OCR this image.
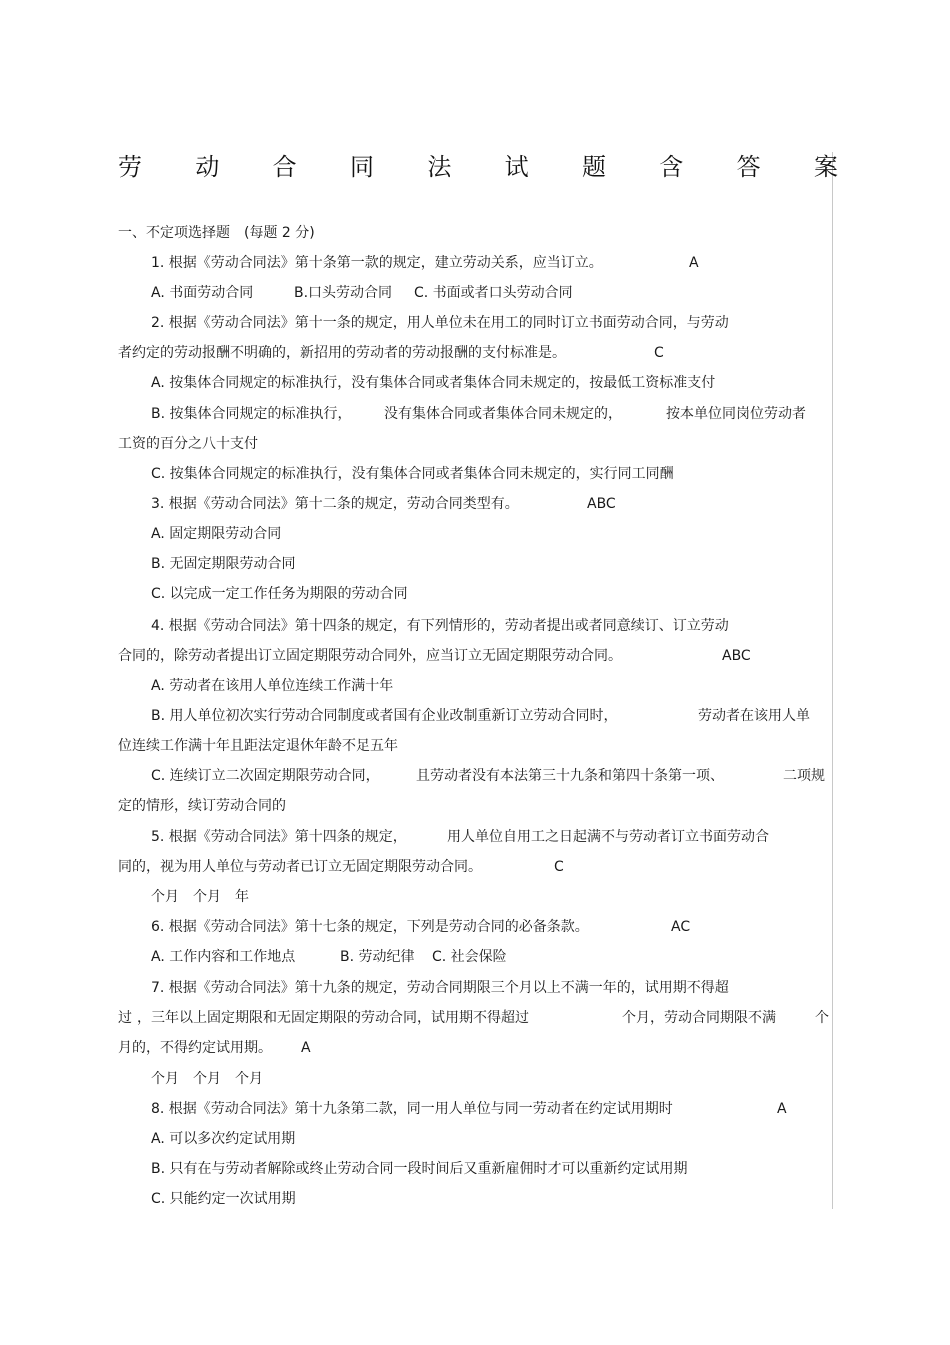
劳 动 合 同 法 试 题 含 答 案
一、不定项选择题　(每题 2 分)
1. 根据《劳动合同法》第十条第一款的规定，建立劳动关系，应当订立。	A
A. 书面劳动合同	B.口头劳动合同 C. 书面或者口头劳动合同
2. 根据《劳动合同法》第十一条的规定，用人单位未在用工的同时订立书面劳动合同，与劳动
者约定的劳动报酬不明确的，新招用的劳动者的劳动报酬的支付标准是。	C
A. 按集体合同规定的标准执行，没有集体合同或者集体合同未规定的，按最低工资标准支付
B. 按集体合同规定的标准执行， 没有集体合同或者集体合同未规定的，	按本单位同岗位劳动者
工资的百分之八十支付
C. 按集体合同规定的标准执行，没有集体合同或者集体合同未规定的，实行同工同酬
3. 根据《劳动合同法》第十二条的规定，劳动合同类型有。	ABC
A. 固定期限劳动合同
B. 无固定期限劳动合同
C. 以完成一定工作任务为期限的劳动合同
4. 根据《劳动合同法》第十四条的规定，有下列情形的，劳动者提出或者同意续订、订立劳动
合同的，除劳动者提出订立固定期限劳动合同外，应当订立无固定期限劳动合同。	ABC
A. 劳动者在该用人单位连续工作满十年
B. 用人单位初次实行劳动合同制度或者国有企业改制重新订立劳动合同时，	劳动者在该用人单
位连续工作满十年且距法定退休年龄不足五年
C. 连续订立二次固定期限劳动合同，	且劳动者没有本法第三十九条和第四十条第一项、	二项规
定的情形，续订劳动合同的
5. 根据《劳动合同法》第十四条的规定，	用人单位自用工之日起满不与劳动者订立书面劳动合
同的，视为用人单位与劳动者已订立无固定期限劳动合同。	C
个月　个月　年
6. 根据《劳动合同法》第十七条的规定，下列是劳动合同的必备条款。	AC
A. 工作内容和工作地点	B. 劳动纪律 C. 社会保险
7. 根据《劳动合同法》第十九条的规定，劳动合同期限三个月以上不满一年的，试用期不得超
过 ，三年以上固定期限和无固定期限的劳动合同，试用期不得超过	个月，劳动合同期限不满	个
月的，不得约定试用期。 A
个月　个月　个月
8. 根据《劳动合同法》第十九条第二款，同一用人单位与同一劳动者在约定试用期时	A
A. 可以多次约定试用期
B. 只有在与劳动者解除或终止劳动合同一段时间后又重新雇佣时才可以重新约定试用期
C. 只能约定一次试用期
